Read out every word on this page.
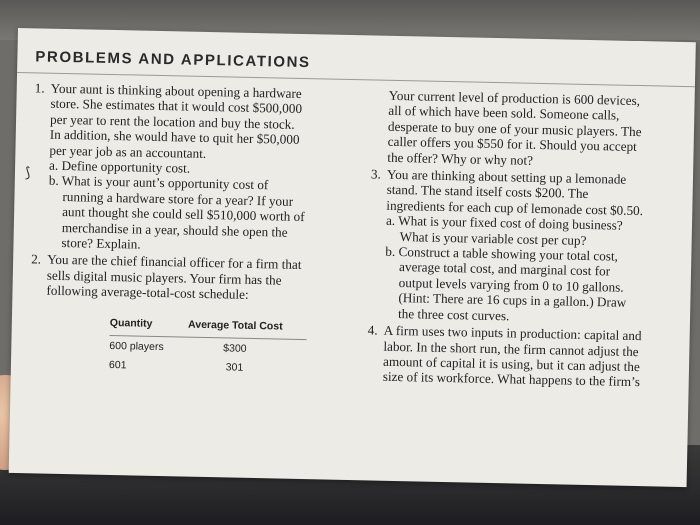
PROBLEMS AND APPLICATIONS

1. Your aunt is thinking about opening a hardware

store. She estimates that it would cost $500,000

per year to rent the location and buy the stock.

In addition, she would have to quit her $50,000

per year job as an accountant.

a. Define opportunity cost.

⟆	b. What is your aunt’s opportunity cost of

running a hardware store for a year? If your

aunt thought she could sell $510,000 worth of

merchandise in a year, should she open the

store? Explain.

2. You are the chief financial officer for a firm that

sells digital music players. Your firm has the

following average-total-cost schedule:

Quantity	Average Total Cost
600 players	$300
601	301

Your current level of production is 600 devices,

all of which have been sold. Someone calls,

desperate to buy one of your music players. The

caller offers you $550 for it. Should you accept

the offer? Why or why not?

3. You are thinking about setting up a lemonade

stand. The stand itself costs $200. The

ingredients for each cup of lemonade cost $0.50.

a. What is your fixed cost of doing business?

What is your variable cost per cup?

b. Construct a table showing your total cost,

average total cost, and marginal cost for

output levels varying from 0 to 10 gallons.

(Hint: There are 16 cups in a gallon.) Draw

the three cost curves.

4. A firm uses two inputs in production: capital and

labor. In the short run, the firm cannot adjust the

amount of capital it is using, but it can adjust the

size of its workforce. What happens to the firm’s
